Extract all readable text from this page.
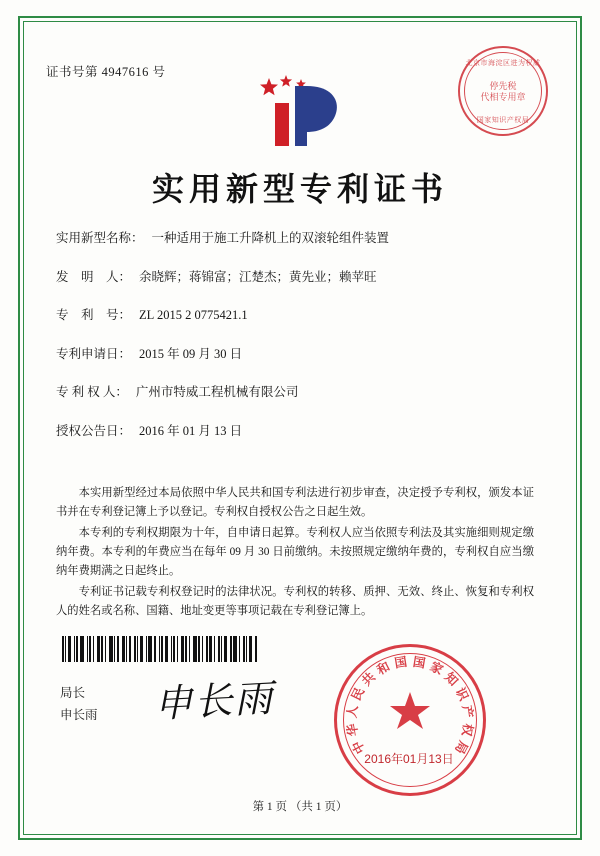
证书号第 4947616 号
北京市海淀区进为权威
停先税
代相专用章
国家知识产权局
实用新型专利证书
实用新型名称： 一种适用于施工升降机上的双滚轮组件装置
发　明　人： 余晓辉；蒋锦富；江楚杰；黄先业；赖苹旺
专　利　号： ZL 2015 2 0775421.1
专利申请日： 2015 年 09 月 30 日
专 利 权 人： 广州市特威工程机械有限公司
授权公告日： 2016 年 01 月 13 日

本实用新型经过本局依照中华人民共和国专利法进行初步审查，决定授予专利权，颁发本证书并在专利登记簿上予以登记。专利权自授权公告之日起生效。

本专利的专利权期限为十年，自申请日起算。专利权人应当依照专利法及其实施细则规定缴纳年费。本专利的年费应当在每年 09 月 30 日前缴纳。未按照规定缴纳年费的，专利权自应当缴纳年费期满之日起终止。

专利证书记载专利权登记时的法律状况。专利权的转移、质押、无效、终止、恢复和专利权人的姓名或名称、国籍、地址变更等事项记载在专利登记簿上。

局长
申长雨 申长雨
中
华
人
民
共
和 国 国 家
知
识
产
权
局
2016年01月13日
第 1 页 （共 1 页）
